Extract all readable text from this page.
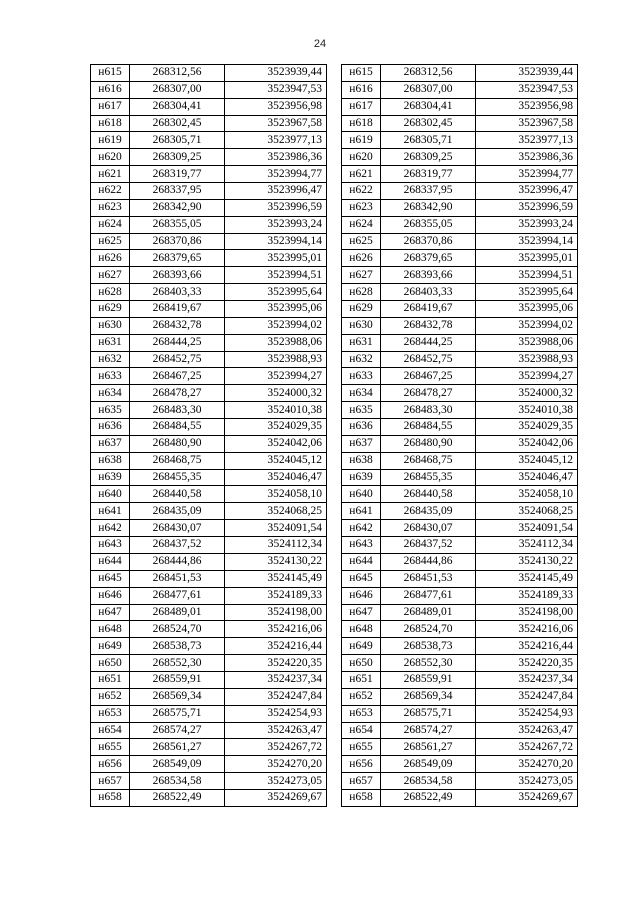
24
н615	268312,56	3523939,44
н616	268307,00	3523947,53
н617	268304,41	3523956,98
н618	268302,45	3523967,58
н619	268305,71	3523977,13
н620	268309,25	3523986,36
н621	268319,77	3523994,77
н622	268337,95	3523996,47
н623	268342,90	3523996,59
н624	268355,05	3523993,24
н625	268370,86	3523994,14
н626	268379,65	3523995,01
н627	268393,66	3523994,51
н628	268403,33	3523995,64
н629	268419,67	3523995,06
н630	268432,78	3523994,02
н631	268444,25	3523988,06
н632	268452,75	3523988,93
н633	268467,25	3523994,27
н634	268478,27	3524000,32
н635	268483,30	3524010,38
н636	268484,55	3524029,35
н637	268480,90	3524042,06
н638	268468,75	3524045,12
н639	268455,35	3524046,47
н640	268440,58	3524058,10
н641	268435,09	3524068,25
н642	268430,07	3524091,54
н643	268437,52	3524112,34
н644	268444,86	3524130,22
н645	268451,53	3524145,49
н646	268477,61	3524189,33
н647	268489,01	3524198,00
н648	268524,70	3524216,06
н649	268538,73	3524216,44
н650	268552,30	3524220,35
н651	268559,91	3524237,34
н652	268569,34	3524247,84
н653	268575,71	3524254,93
н654	268574,27	3524263,47
н655	268561,27	3524267,72
н656	268549,09	3524270,20
н657	268534,58	3524273,05
н658	268522,49	3524269,67
н615	268312,56	3523939,44
н616	268307,00	3523947,53
н617	268304,41	3523956,98
н618	268302,45	3523967,58
н619	268305,71	3523977,13
н620	268309,25	3523986,36
н621	268319,77	3523994,77
н622	268337,95	3523996,47
н623	268342,90	3523996,59
н624	268355,05	3523993,24
н625	268370,86	3523994,14
н626	268379,65	3523995,01
н627	268393,66	3523994,51
н628	268403,33	3523995,64
н629	268419,67	3523995,06
н630	268432,78	3523994,02
н631	268444,25	3523988,06
н632	268452,75	3523988,93
н633	268467,25	3523994,27
н634	268478,27	3524000,32
н635	268483,30	3524010,38
н636	268484,55	3524029,35
н637	268480,90	3524042,06
н638	268468,75	3524045,12
н639	268455,35	3524046,47
н640	268440,58	3524058,10
н641	268435,09	3524068,25
н642	268430,07	3524091,54
н643	268437,52	3524112,34
н644	268444,86	3524130,22
н645	268451,53	3524145,49
н646	268477,61	3524189,33
н647	268489,01	3524198,00
н648	268524,70	3524216,06
н649	268538,73	3524216,44
н650	268552,30	3524220,35
н651	268559,91	3524237,34
н652	268569,34	3524247,84
н653	268575,71	3524254,93
н654	268574,27	3524263,47
н655	268561,27	3524267,72
н656	268549,09	3524270,20
н657	268534,58	3524273,05
н658	268522,49	3524269,67
